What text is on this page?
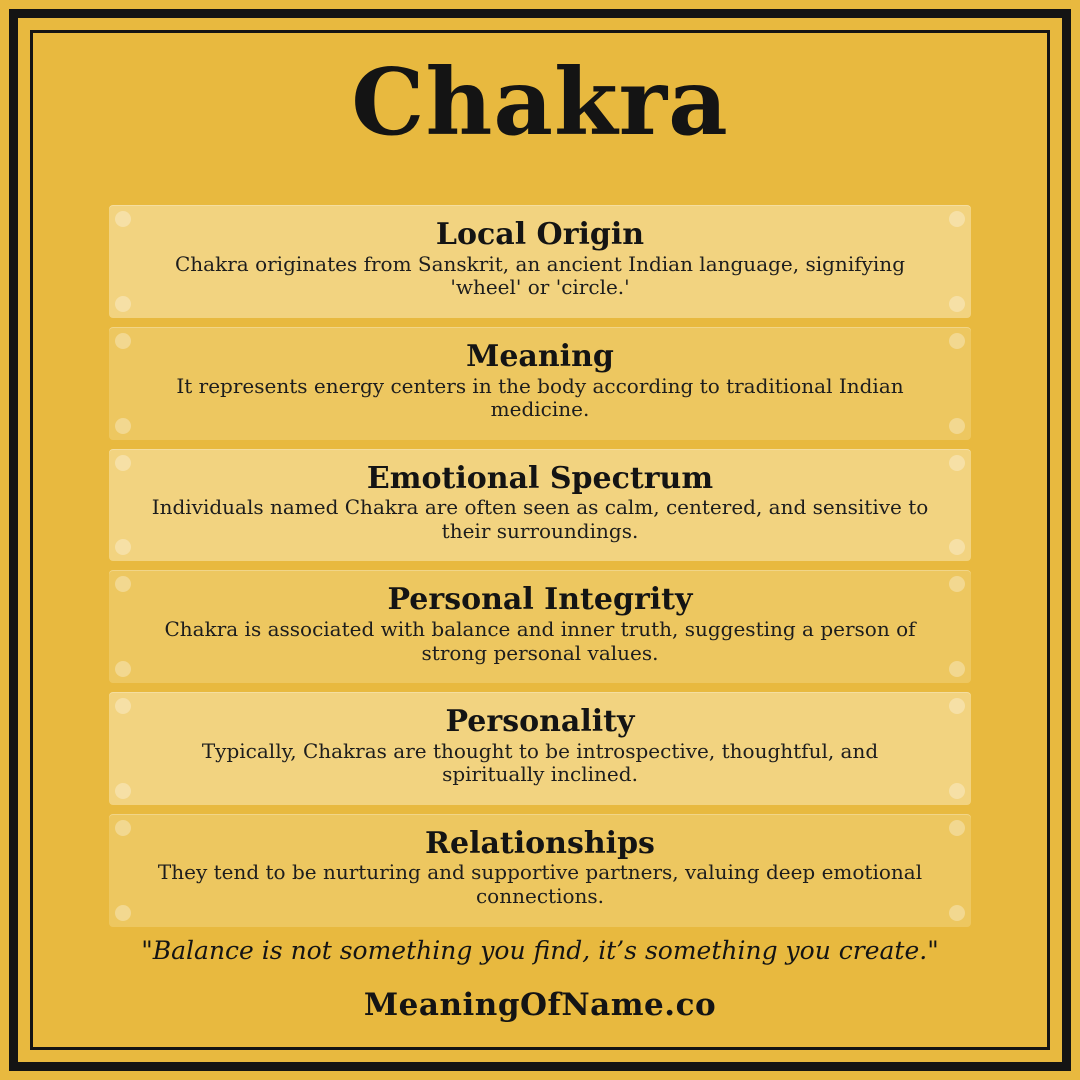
Chakra

Local Origin

Chakra originates from Sanskrit, an ancient Indian language, signifying 'wheel' or 'circle.'

Meaning

It represents energy centers in the body according to traditional Indian medicine.

Emotional Spectrum

Individuals named Chakra are often seen as calm, centered, and sensitive to their surroundings.

Personal Integrity

Chakra is associated with balance and inner truth, suggesting a person of strong personal values.

Personality

Typically, Chakras are thought to be introspective, thoughtful, and spiritually inclined.

Relationships

They tend to be nurturing and supportive partners, valuing deep emotional connections.

"Balance is not something you find, it’s something you create."
MeaningOfName.co
